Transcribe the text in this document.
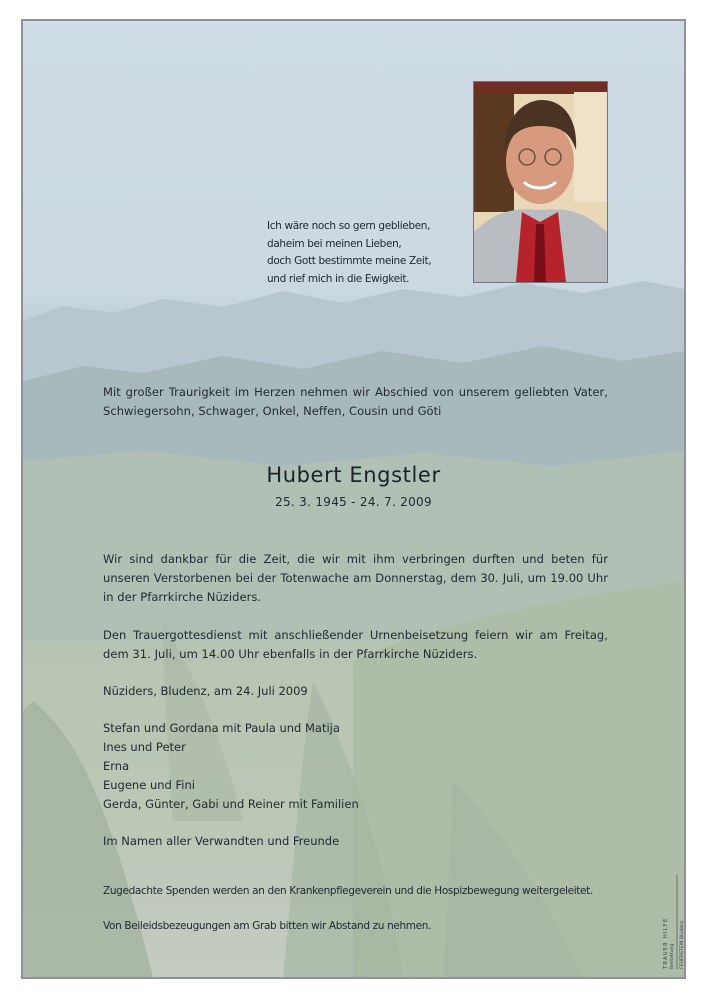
Ich wäre noch so gern geblieben,
daheim bei meinen Lieben,
doch Gott bestimmte meine Zeit,
und rief mich in die Ewigkeit.
Mit großer Traurigkeit im Herzen nehmen wir Abschied von unserem geliebten Vater, Schwiegersohn, Schwager, Onkel, Neffen, Cousin und Göti
Hubert Engstler
25. 3. 1945 - 24. 7. 2009
Wir sind dankbar für die Zeit, die wir mit ihm verbringen durften und beten für unseren Verstorbenen bei der Totenwache am Donnerstag, dem 30. Juli, um 19.00 Uhr in der Pfarrkirche Nüziders.
Den Trauergottesdienst mit anschließender Urnenbeisetzung feiern wir am Freitag, dem 31. Juli, um 14.00 Uhr ebenfalls in der Pfarrkirche Nüziders.
Nüziders, Bludenz, am 24. Juli 2009
Stefan und Gordana mit Paula und Matija
Ines und Peter
Erna
Eugene und Fini
Gerda, Günter, Gabi und Reiner mit Familien
Im Namen aller Verwandten und Freunde
Zugedachte Spenden werden an den Krankenpflegeverein und die Hospizbewegung weitergeleitet.
Von Beileidsbezeugungen am Grab bitten wir Abstand zu nehmen.	TRAUER HILFE Bestattung FEUERSTEIN Bludenz www.trauerhilfe.at
